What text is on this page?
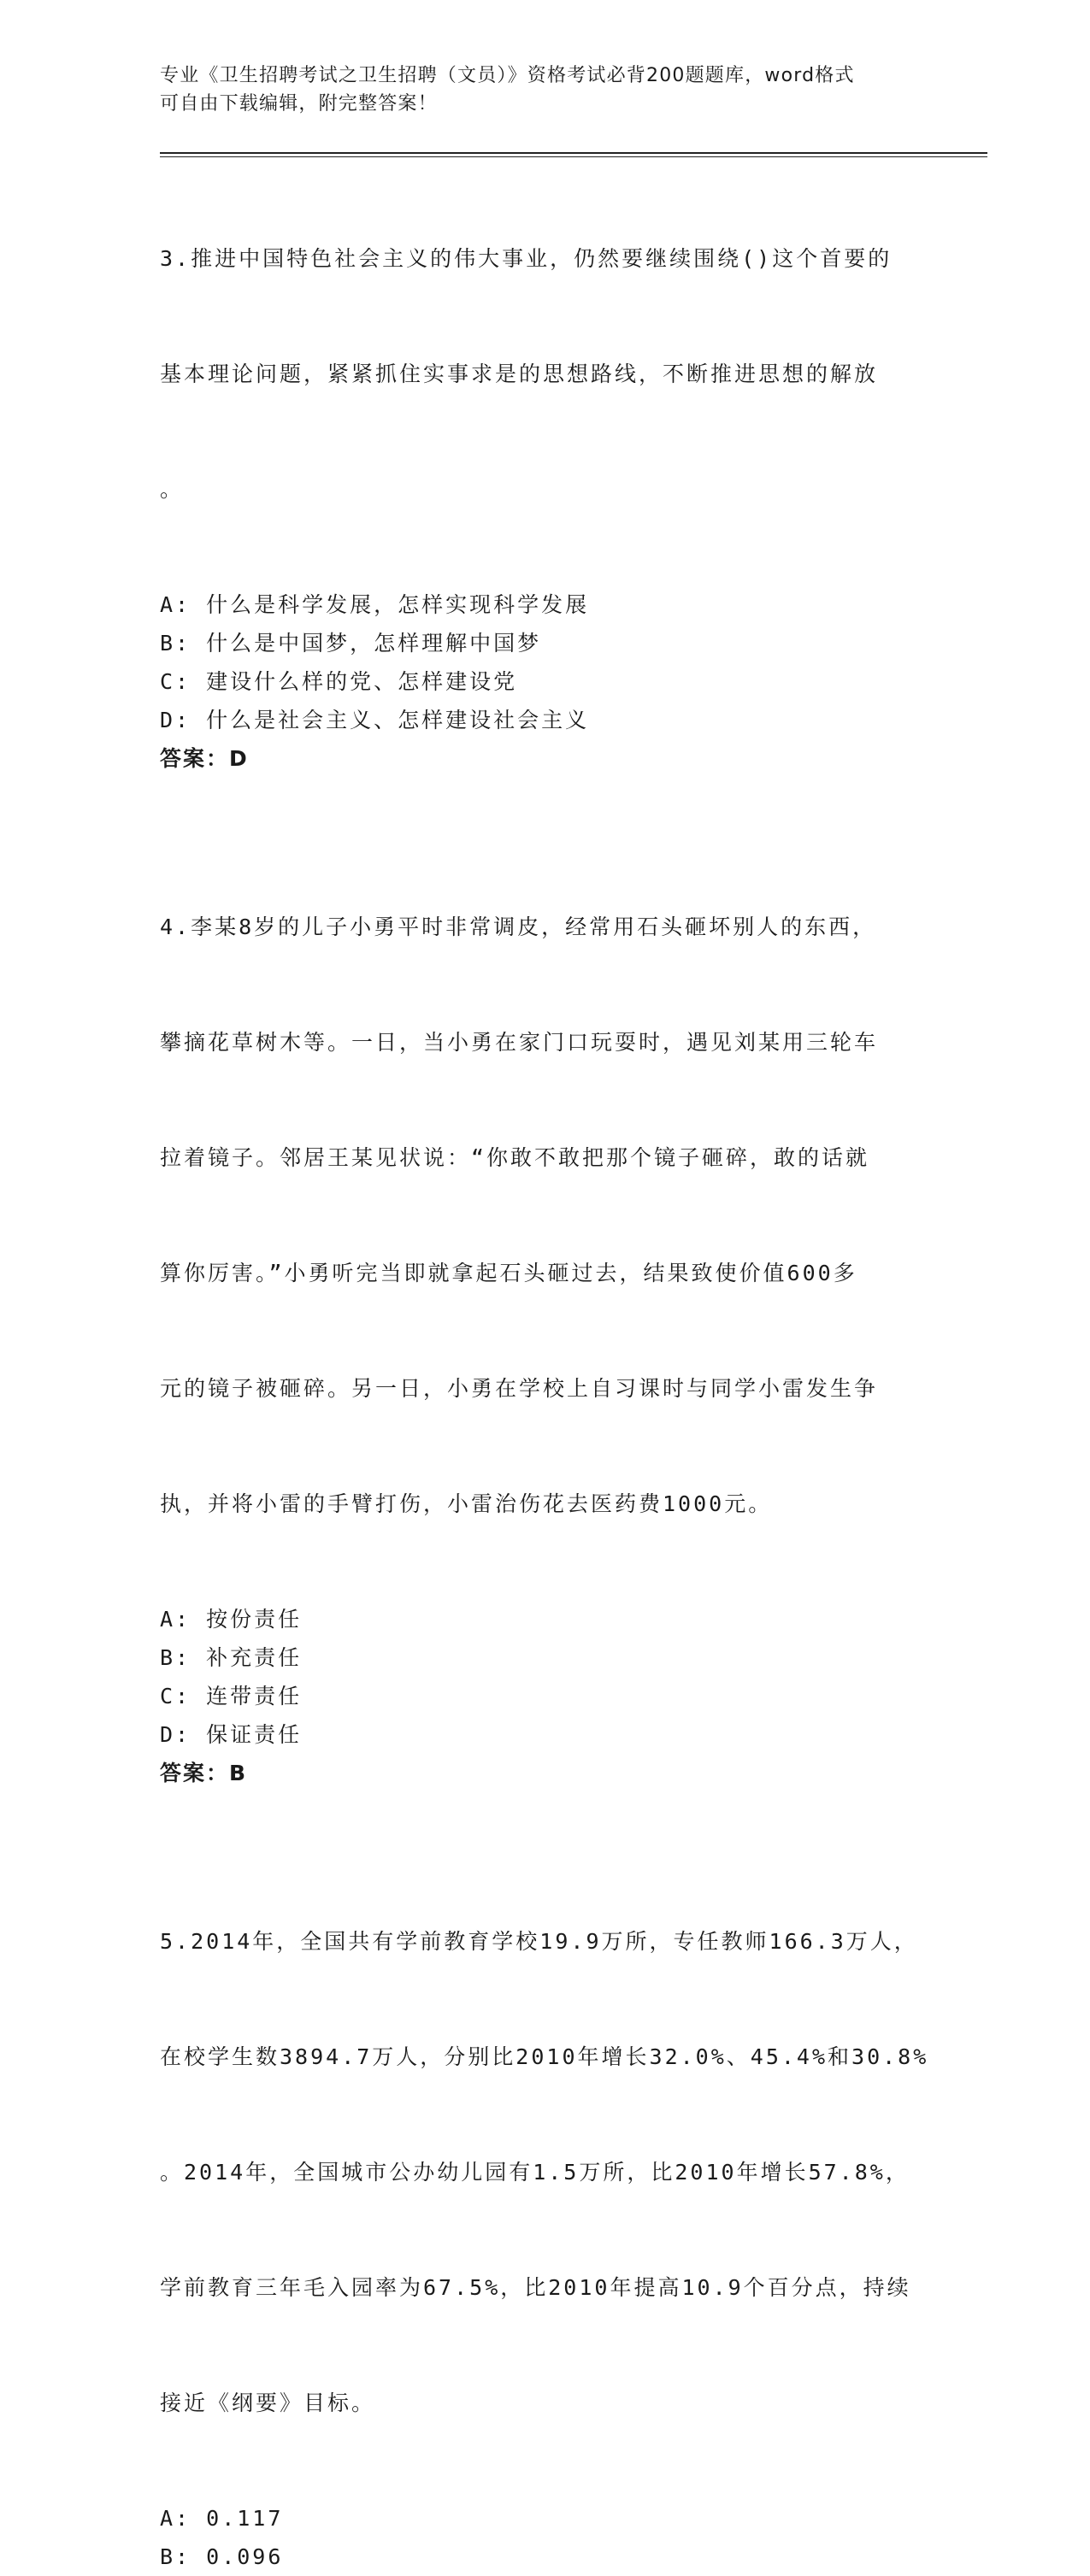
专业《卫生招聘考试之卫生招聘（文员）》资格考试必背200题题库，word格式
可自由下载编辑，附完整答案！

3.推进中国特色社会主义的伟大事业，仍然要继续围绕()这个首要的

基本理论问题，紧紧抓住实事求是的思想路线，不断推进思想的解放

。

A: 什么是科学发展，怎样实现科学发展
B: 什么是中国梦，怎样理解中国梦
C: 建设什么样的党、怎样建设党
D: 什么是社会主义、怎样建设社会主义
答案：D

4.李某8岁的儿子小勇平时非常调皮，经常用石头砸坏别人的东西，

攀摘花草树木等。一日，当小勇在家门口玩耍时，遇见刘某用三轮车

拉着镜子。邻居王某见状说：“你敢不敢把那个镜子砸碎，敢的话就

算你厉害。”小勇听完当即就拿起石头砸过去，结果致使价值600多

元的镜子被砸碎。另一日，小勇在学校上自习课时与同学小雷发生争

执，并将小雷的手臂打伤，小雷治伤花去医药费1000元。

A: 按份责任
B: 补充责任
C: 连带责任
D: 保证责任
答案：B

5.2014年，全国共有学前教育学校19.9万所，专任教师166.3万人，

在校学生数3894.7万人，分别比2010年增长32.0%、45.4%和30.8%

。2014年，全国城市公办幼儿园有1.5万所，比2010年增长57.8%，

学前教育三年毛入园率为67.5%，比2010年提高10.9个百分点，持续

接近《纲要》目标。

A: 0.117
B: 0.096
